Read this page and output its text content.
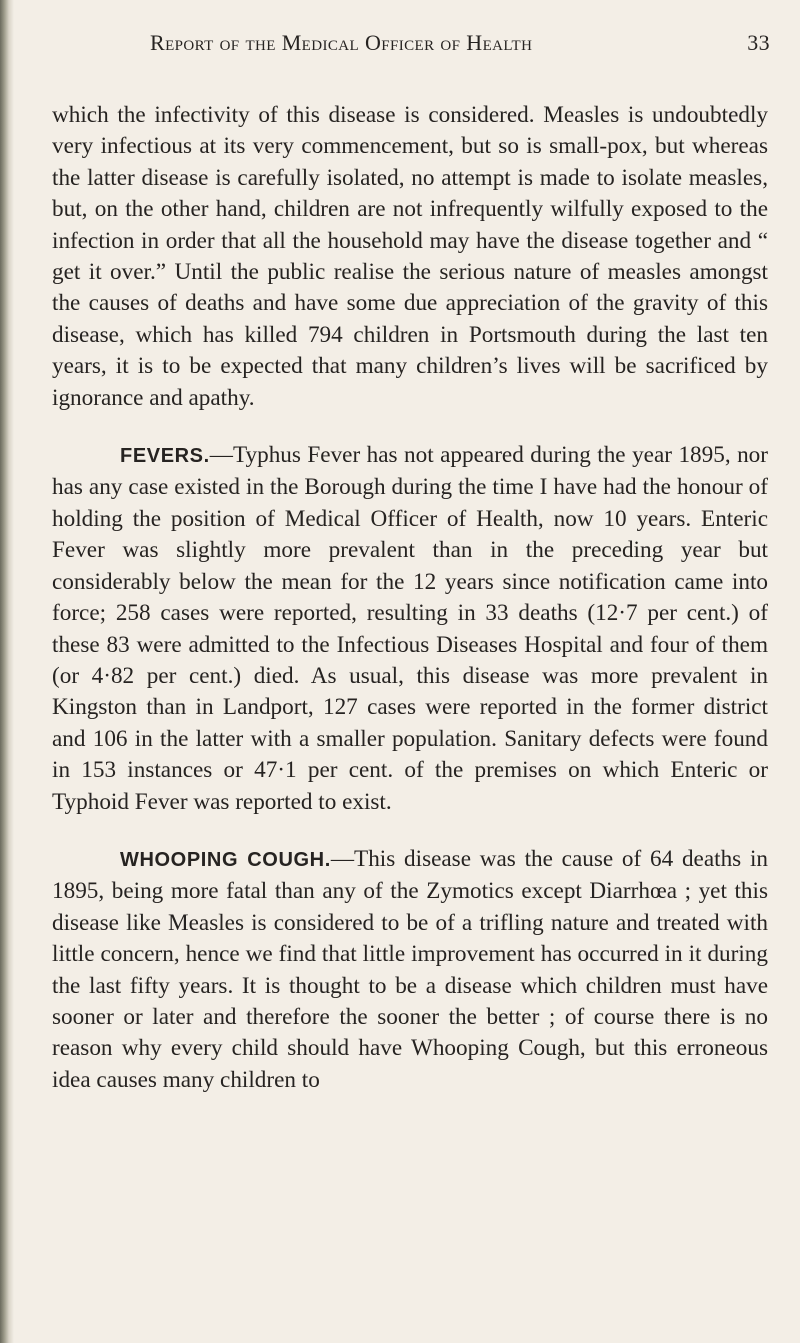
Report of the Medical Officer of Health	33

which the infectivity of this disease is considered. Measles is undoubtedly very infectious at its very commencement, but so is small-pox, but whereas the latter disease is carefully isolated, no attempt is made to isolate measles, but, on the other hand, children are not infrequently wilfully exposed to the infection in order that all the household may have the disease together and “ get it over.” Until the public realise the serious nature of measles amongst the causes of deaths and have some due appreciation of the gravity of this disease, which has killed 794 children in Portsmouth during the last ten years, it is to be expected that many children’s lives will be sacrificed by ignorance and apathy.

FEVERS.—Typhus Fever has not appeared during the year 1895, nor has any case existed in the Borough during the time I have had the honour of holding the position of Medical Officer of Health, now 10 years. Enteric Fever was slightly more prevalent than in the preceding year but considerably below the mean for the 12 years since notification came into force; 258 cases were reported, resulting in 33 deaths (12·7 per cent.) of these 83 were admitted to the Infectious Diseases Hospital and four of them (or 4·82 per cent.) died. As usual, this disease was more prevalent in Kingston than in Landport, 127 cases were reported in the former district and 106 in the latter with a smaller population. Sanitary defects were found in 153 instances or 47·1 per cent. of the premises on which Enteric or Typhoid Fever was reported to exist.

WHOOPING COUGH.—This disease was the cause of 64 deaths in 1895, being more fatal than any of the Zymotics except Diarrhœa ; yet this disease like Measles is considered to be of a trifling nature and treated with little concern, hence we find that little improvement has occurred in it during the last fifty years. It is thought to be a disease which children must have sooner or later and therefore the sooner the better ; of course there is no reason why every child should have Whooping Cough, but this erroneous idea causes many children to
